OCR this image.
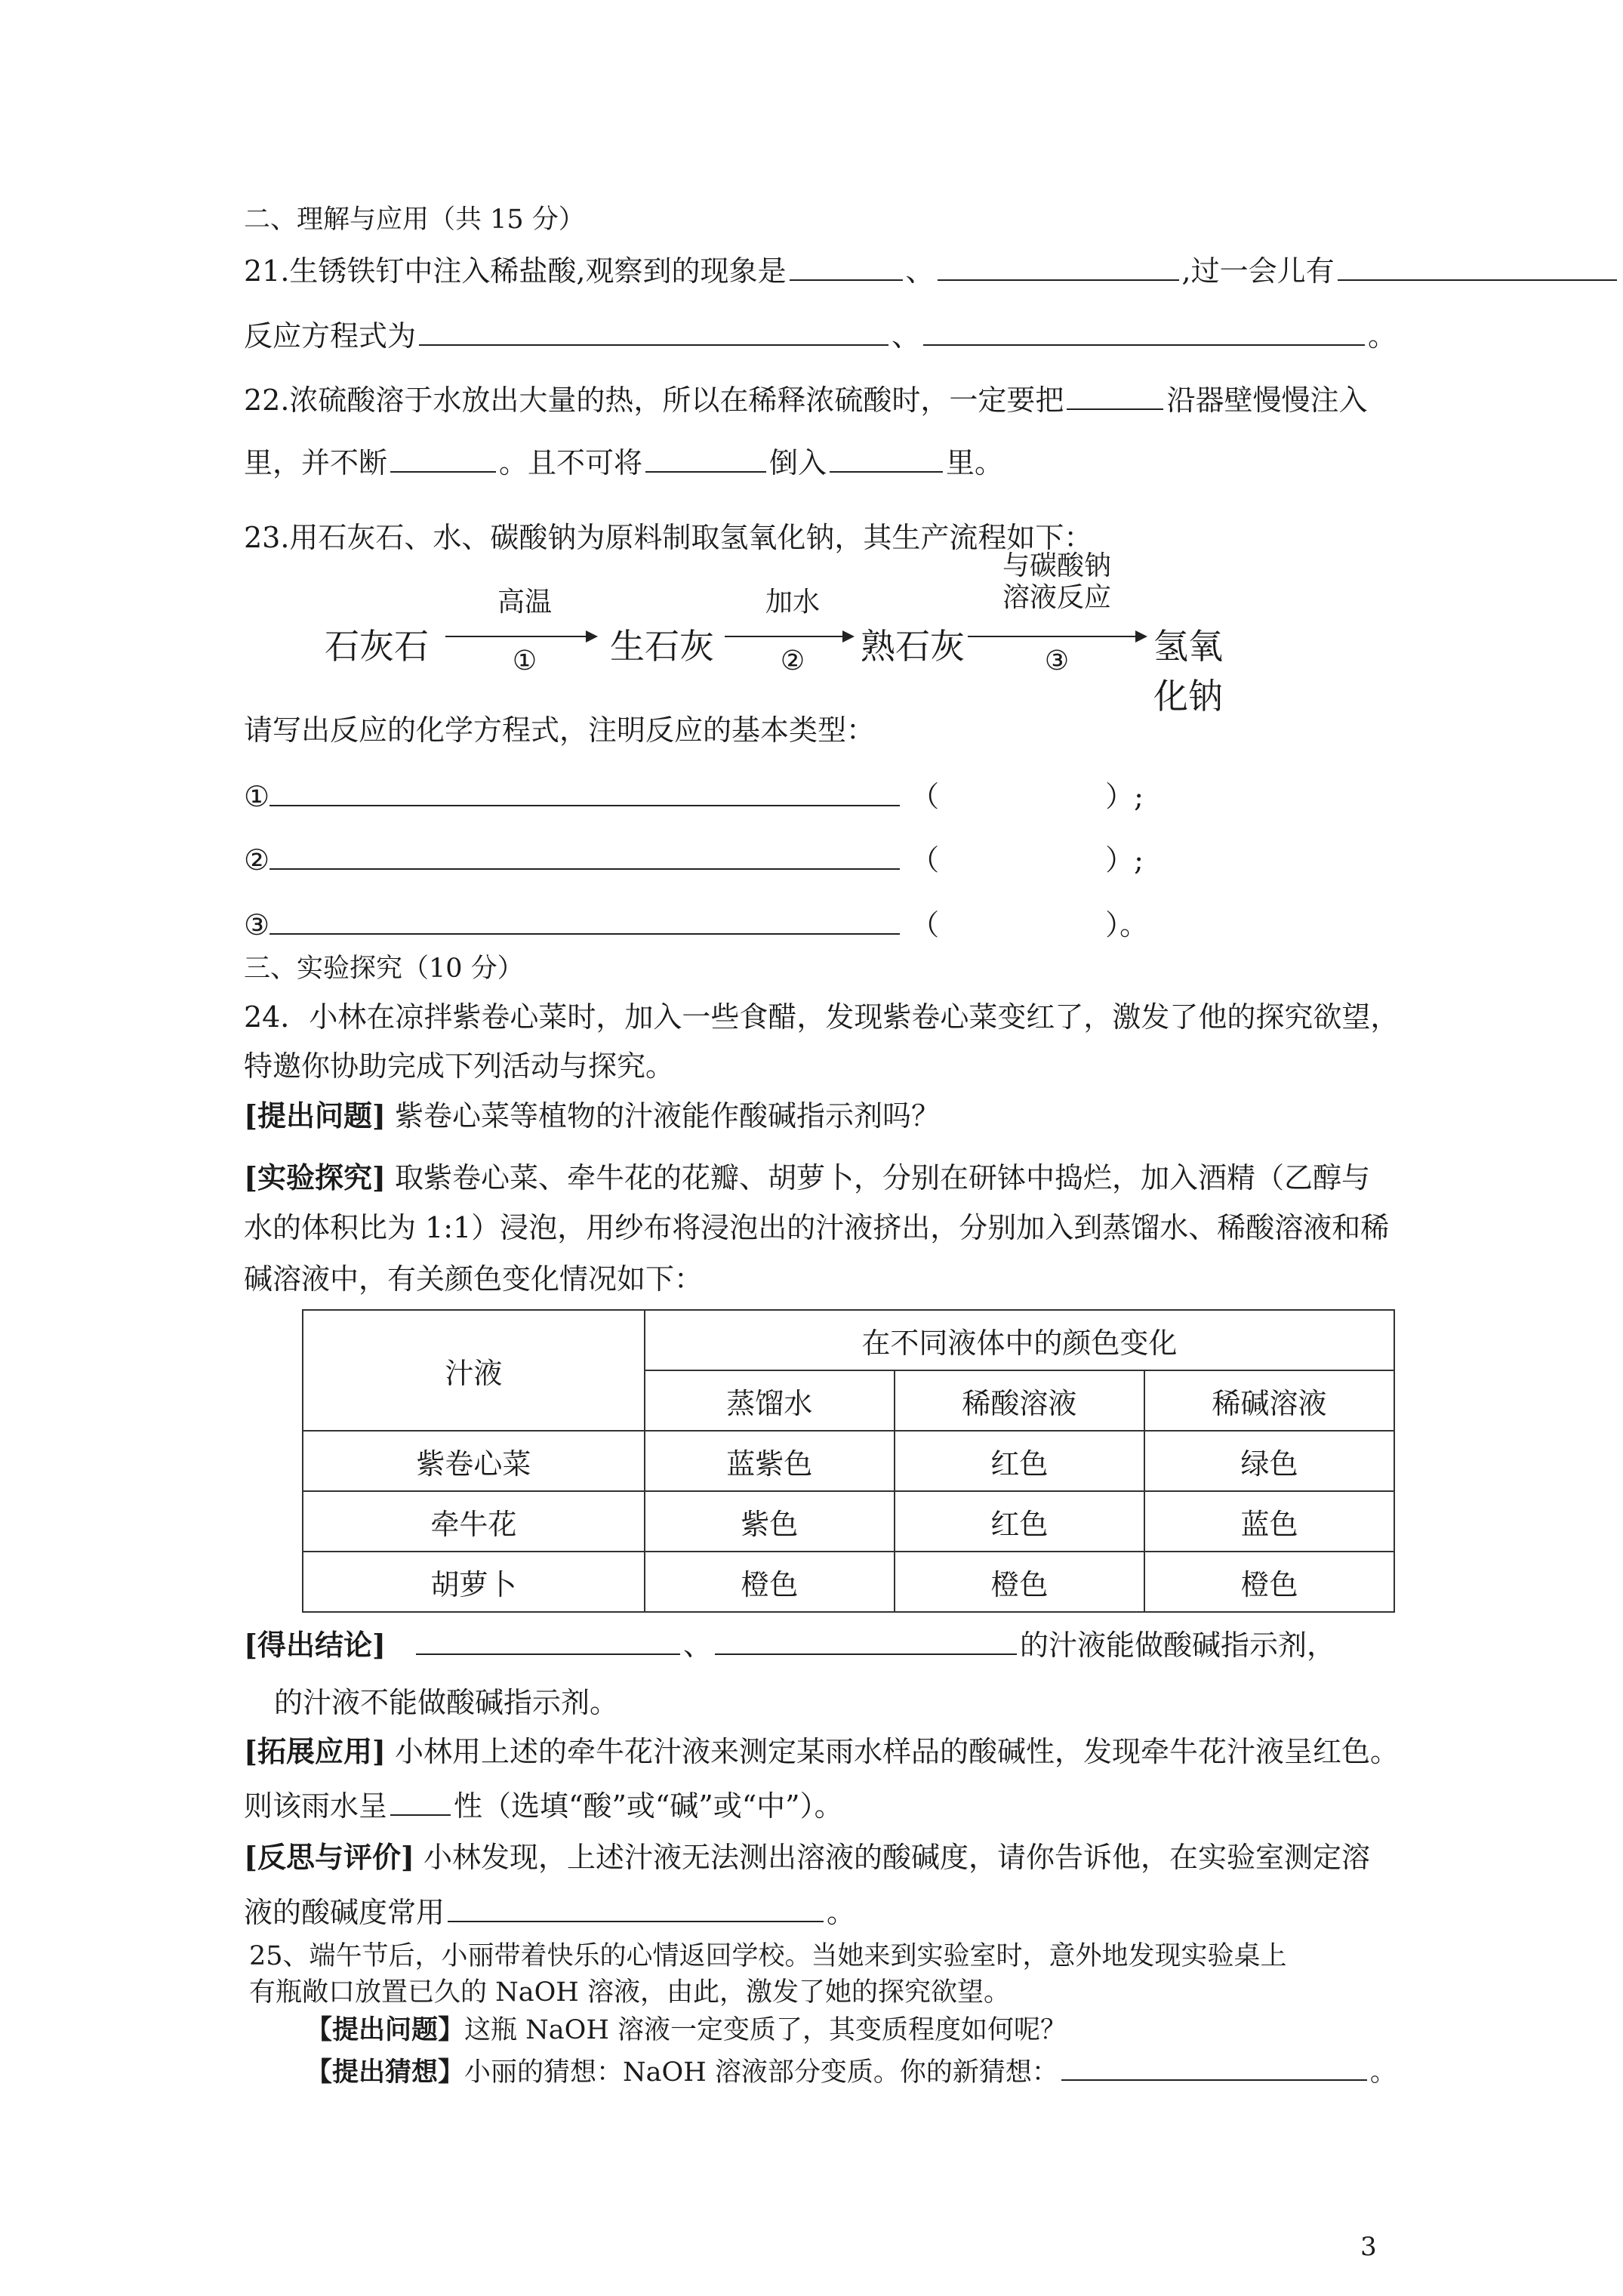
二、理解与应用（共 15 分）
21.生锈铁钉中注入稀盐酸,观察到的现象是	、	,过一会儿有
反应方程式为	、	。
22.浓硫酸溶于水放出大量的热，所以在稀释浓硫酸时，一定要把	沿器壁慢慢注入
里，并不断	。且不可将	倒入	里。
23.用石灰石、水、碳酸钠为原料制取氢氧化钠，其生产流程如下：
石灰石
高温
①	生石灰
加水
②	熟石灰
与碳酸钠
溶液反应
③	氢氧化钠
请写出反应的化学方程式，注明反应的基本类型：
①	（	）;
②	（	）;
③	（	）。
三、实验探究（10 分）
24．小林在凉拌紫卷心菜时，加入一些食醋，发现紫卷心菜变红了，激发了他的探究欲望，
特邀你协助完成下列活动与探究。
[提出问题] 紫卷心菜等植物的汁液能作酸碱指示剂吗？
[实验探究] 取紫卷心菜、牵牛花的花瓣、胡萝卜，分别在研钵中捣烂，加入酒精（乙醇与
水的体积比为 1:1）浸泡，用纱布将浸泡出的汁液挤出，分别加入到蒸馏水、稀酸溶液和稀
碱溶液中，有关颜色变化情况如下：
汁液	在不同液体中的颜色变化		
	蒸馏水	稀酸溶液	稀碱溶液
紫卷心菜	蓝紫色	红色	绿色
牵牛花	紫色	红色	蓝色
胡萝卜	橙色	橙色	橙色
[得出结论]	、	的汁液能做酸碱指示剂，
的汁液不能做酸碱指示剂。
[拓展应用] 小林用上述的牵牛花汁液来测定某雨水样品的酸碱性，发现牵牛花汁液呈红色。
则该雨水呈 性（选填“酸”或“碱”或“中”）。
[反思与评价] 小林发现，上述汁液无法测出溶液的酸碱度，请你告诉他，在实验室测定溶
液的酸碱度常用	。
25、端午节后，小丽带着快乐的心情返回学校。当她来到实验室时，意外地发现实验桌上
有瓶敞口放置已久的 NaOH 溶液，由此，激发了她的探究欲望。
【提出问题】这瓶 NaOH 溶液一定变质了，其变质程度如何呢？
【提出猜想】小丽的猜想：NaOH 溶液部分变质。你的新猜想：	。
3
